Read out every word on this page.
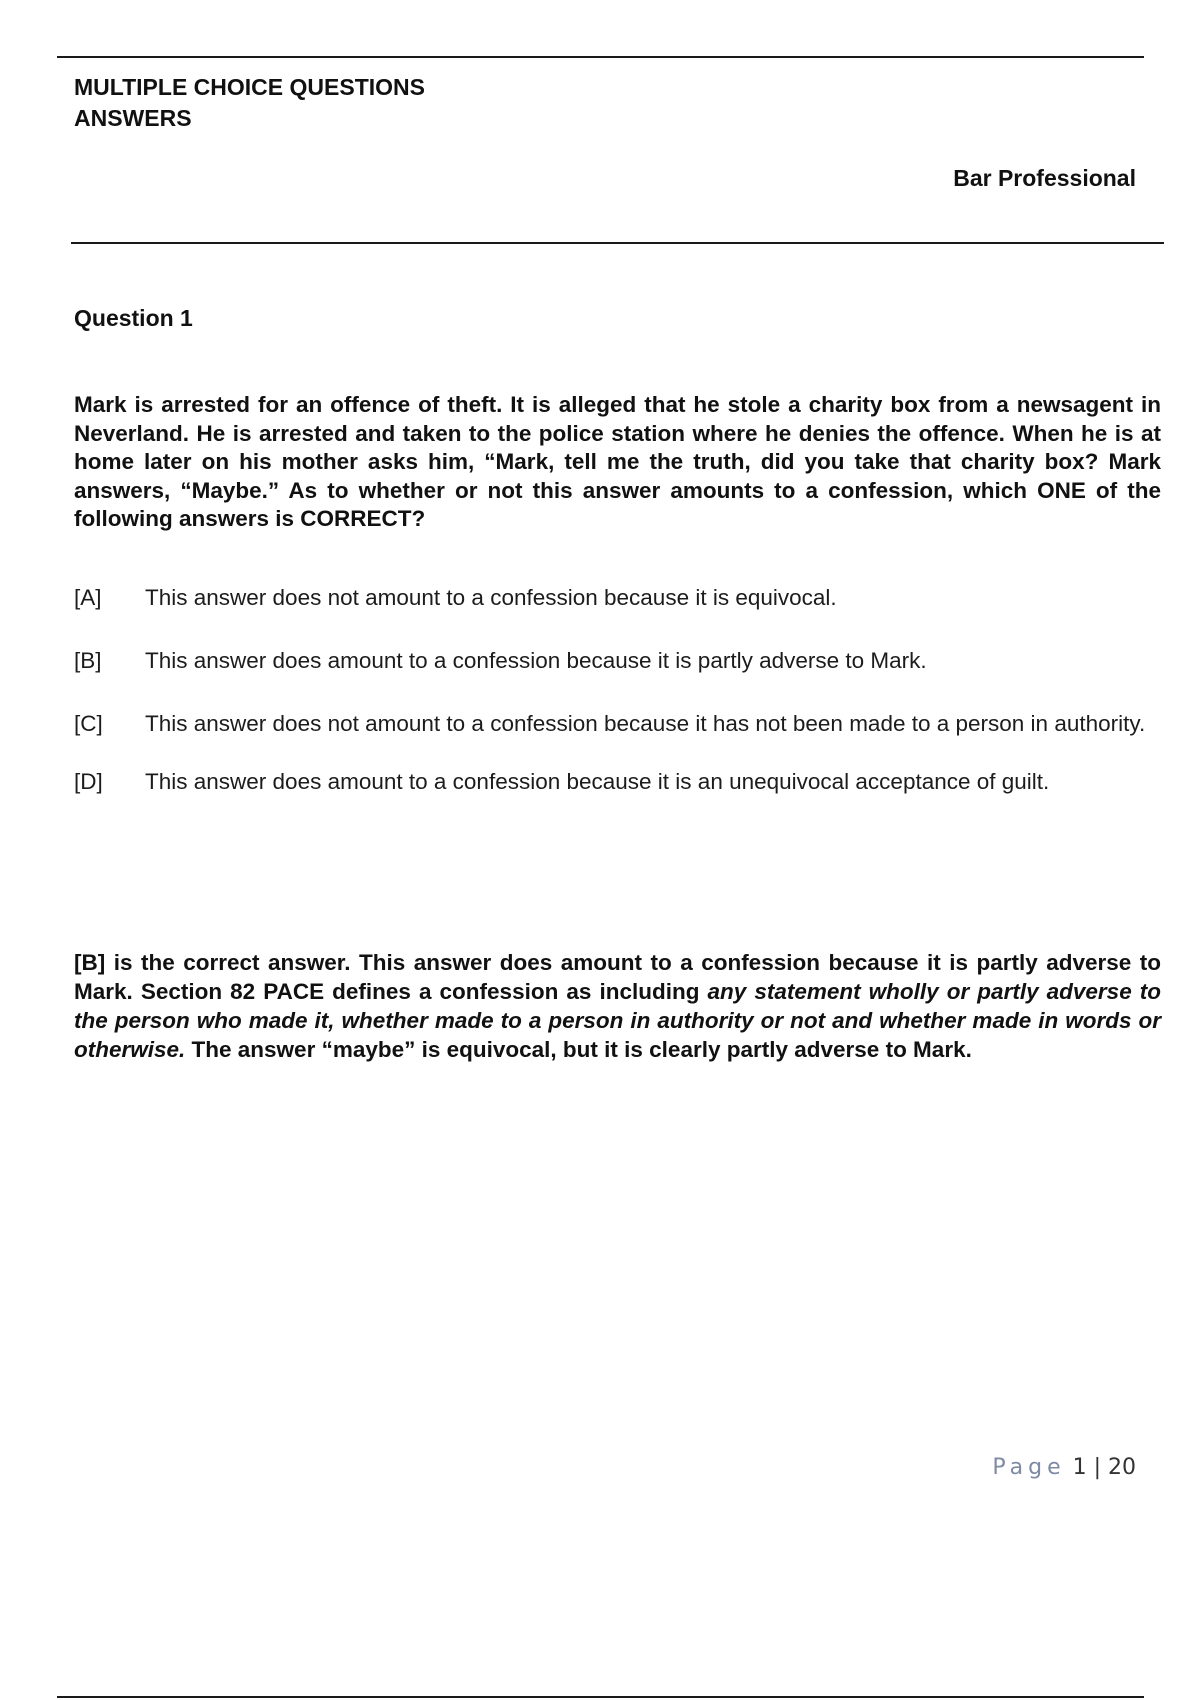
MULTIPLE CHOICE QUESTIONS
ANSWERS
Bar Professional
Question 1

Mark is arrested for an offence of theft. It is alleged that he stole a charity box from a newsagent in Neverland. He is arrested and taken to the police station where he denies the offence. When he is at home later on his mother asks him, “Mark, tell me the truth, did you take that charity box? Mark answers, “Maybe.” As to whether or not this answer amounts to a confession, which ONE of the following answers is CORRECT?

[A]	This answer does not amount to a confession because it is equivocal.
[B]	This answer does amount to a confession because it is partly adverse to Mark.
[C]	This answer does not amount to a confession because it has not been made to a person in authority.
[D]	This answer does amount to a confession because it is an unequivocal acceptance of guilt.

[B] is the correct answer. This answer does amount to a confession because it is partly adverse to Mark. Section 82 PACE defines a confession as including any statement wholly or partly adverse to the person who made it, whether made to a person in authority or not and whether made in words or otherwise. The answer “maybe” is equivocal, but it is clearly partly adverse to Mark.

Page 1 | 20
